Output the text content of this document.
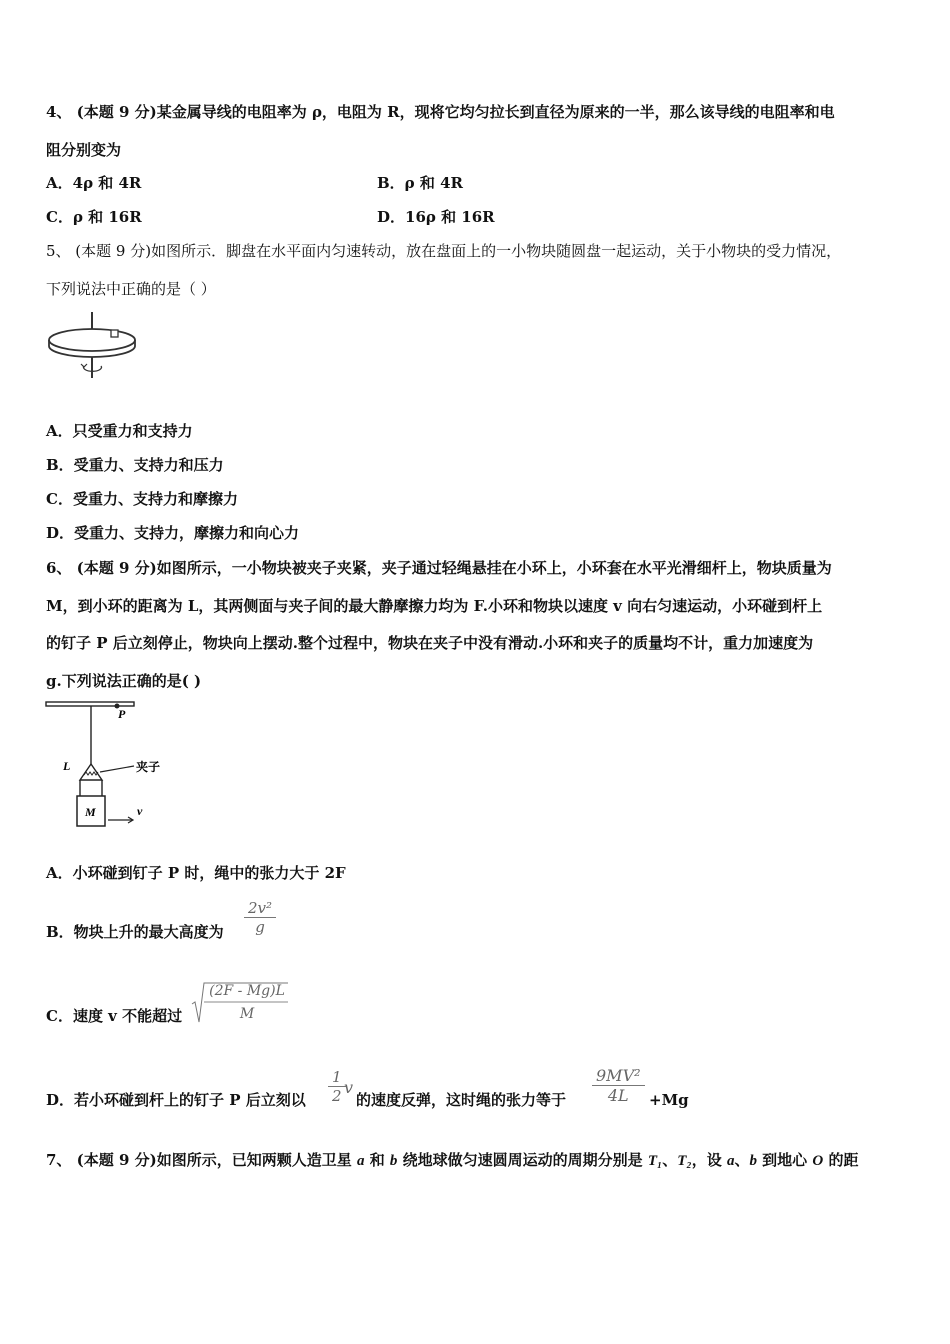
4、 (本题 9 分)某金属导线的电阻率为 ρ，电阻为 R，现将它均匀拉长到直径为原来的一半，那么该导线的电阻率和电
阻分别变为
A．4ρ 和 4R	B．ρ 和 4R
C．ρ 和 16R	D．16ρ 和 16R
5、 (本题 9 分)如图所示．脚盘在水平面内匀速转动，放在盘面上的一小物块随圆盘一起运动，关于小物块的受力情况，
下列说法中正确的是（ ）
A．只受重力和支持力
B．受重力、支持力和压力
C．受重力、支持力和摩擦力
D．受重力、支持力，摩擦力和向心力
6、 (本题 9 分)如图所示，一小物块被夹子夹紧，夹子通过轻绳悬挂在小环上，小环套在水平光滑细杆上，物块质量为
M，到小环的距离为 L，其两侧面与夹子间的最大静摩擦力均为 F.小环和物块以速度 v 向右匀速运动，小环碰到杆上
的钉子 P 后立刻停止，物块向上摆动.整个过程中，物块在夹子中没有滑动.小环和夹子的质量均不计，重力加速度为
g.下列说法正确的是( )
P
L	夹子
M	v
A．小环碰到钉子 P 时，绳中的张力大于 2F
B．物块上升的最大高度为 $\frac{\text{2v²}}{g}$
C．速度 v 不能超过
(2F - Mg)L
M
D．若小环碰到杆上的钉子 P 后立刻以 $\frac{1}{2}$
v
的速度反弹，这时绳的张力等于 $\frac{\text{9MV²}}{4L} +Mg$
7、 (本题 9 分)如图所示，已知两颗人造卫星 a 和 b 绕地球做匀速圆周运动的周期分别是 T₁、T₂，设 a、b 到地心 O 的距
